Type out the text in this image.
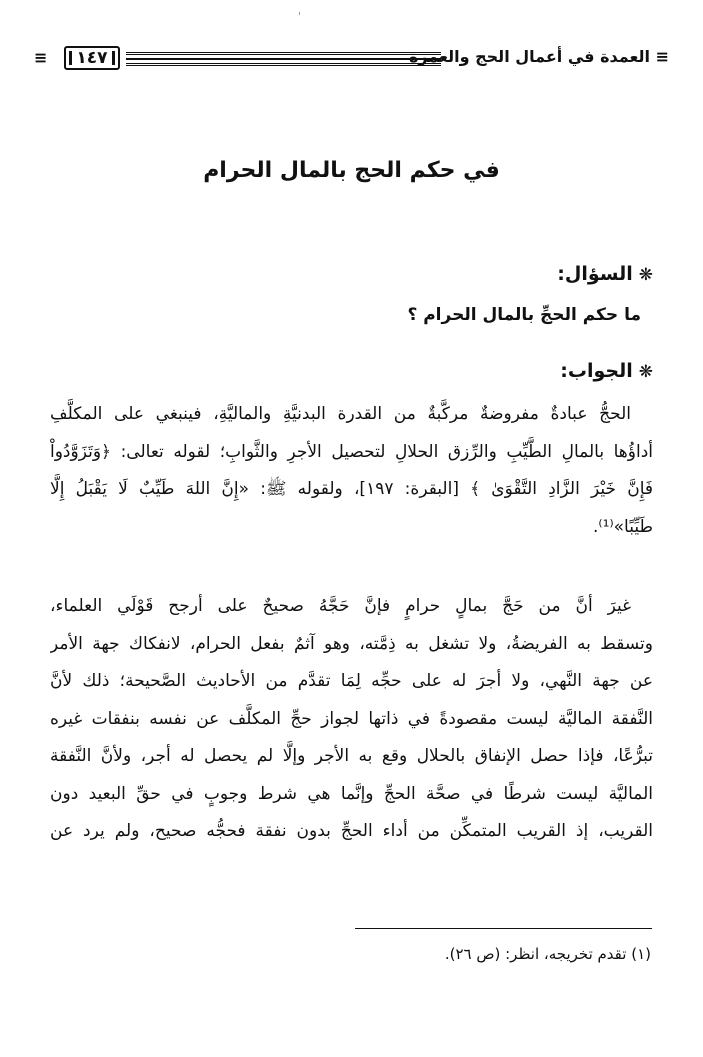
≡ العمدة في أعمال الحج والعمرة
١٤٧
≡
في حكم الحج بالمال الحرام
❋السؤال:
ما حكم الحجِّ بالمال الحرام ؟
❋الجواب:
الحجُّ عبادةٌ مفروضةٌ مركَّبةٌ من القدرة البدنيَّةِ والماليَّةِ، فينبغي على المكلَّفِ
أداؤُها بالمالِ الطَّيِّبِ والرِّزق الحلالِ لتحصيل الأجرِ والثَّوابِ؛ لقوله تعالى: ﴿وَتَزَوَّدُواْ
فَإِنَّ خَيْرَ الزَّادِ التَّقْوَىٰ ﴾ [البقرة: ١٩٧]، ولقوله ﷺ: «إِنَّ اللهَ طَيِّبٌ لَا يَقْبَلُ إِلَّا
طَيِّبًا»⁽¹⁾.
غيرَ أنَّ من حَجَّ بمالٍ حرامٍ فإنَّ حَجَّهُ صحيحٌ على أرجح قَوْلَي العلماء،
وتسقط به الفريضةُ، ولا تشغل به ذِمَّته، وهو آثمٌ بفعل الحرام، لانفكاك جهة الأمر
عن جهة النَّهي، ولا أجرَ له على حجِّه لِمَا تقدَّم من الأحاديث الصَّحيحة؛ ذلك لأنَّ
النَّفقة الماليَّة ليست مقصودةً في ذاتها لجواز حجِّ المكلَّف عن نفسه بنفقات غيره
تبرُّعًا، فإذا حصل الإنفاق بالحلال وقع به الأجر وإلَّا لم يحصل له أجر، ولأنَّ النَّفقة
الماليَّة ليست شرطًا في صحَّة الحجِّ وإنَّما هي شرط وجوبٍ في حقِّ البعيد دون
القريب، إذ القريب المتمكِّن من أداء الحجِّ بدون نفقة فحجُّه صحيح، ولم يرد عن
(١) تقدم تخريجه، انظر: (ص ٢٦).
